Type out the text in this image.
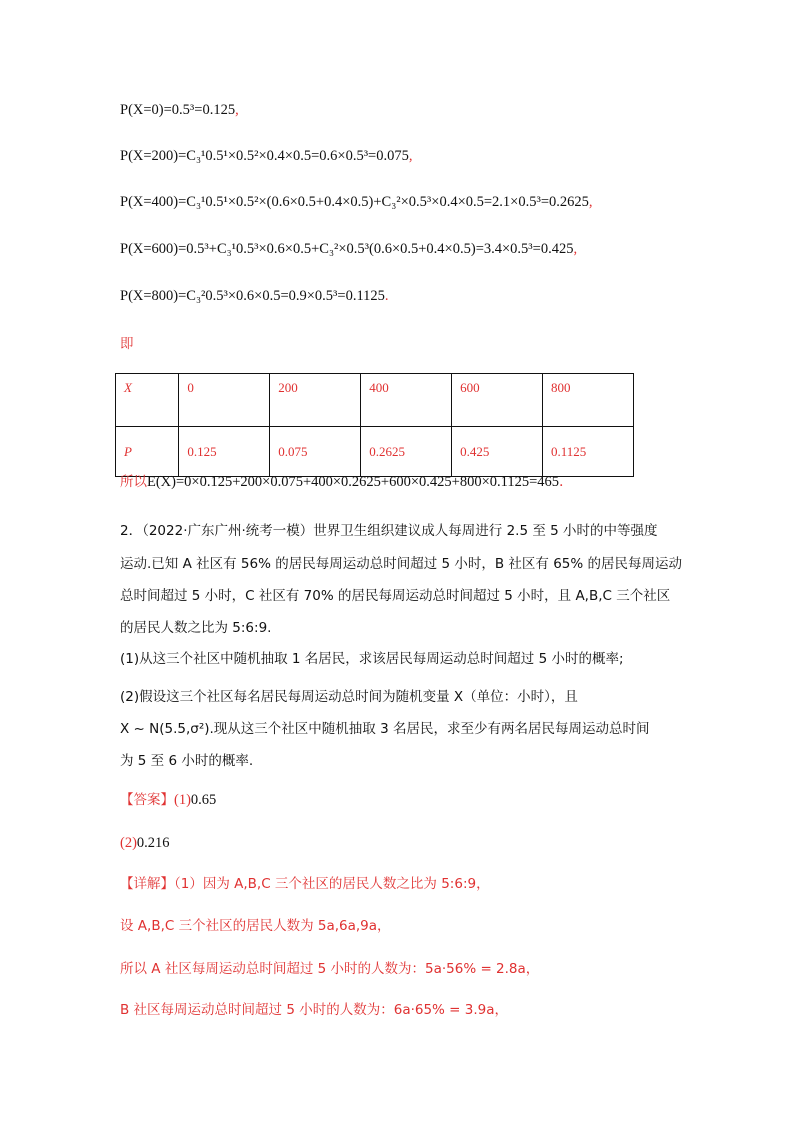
P(X=0)=0.5³=0.125,
P(X=200)=C₃¹0.5¹×0.5²×0.4×0.5=0.6×0.5³=0.075,
P(X=400)=C₃¹0.5¹×0.5²×(0.6×0.5+0.4×0.5)+C₃²×0.5³×0.4×0.5=2.1×0.5³=0.2625,
P(X=600)=0.5³+C₃¹0.5³×0.6×0.5+C₃²×0.5³(0.6×0.5+0.4×0.5)=3.4×0.5³=0.425,
P(X=800)=C₃²0.5³×0.6×0.5=0.9×0.5³=0.1125.
即
X	0	200	400	600	800
P	0.125	0.075	0.2625	0.425	0.1125
所以E(X)=0×0.125+200×0.075+400×0.2625+600×0.425+800×0.1125=465.
2．（2022·广东广州·统考一模）世界卫生组织建议成人每周进行 2.5 至 5 小时的中等强度
运动.已知 A 社区有 56% 的居民每周运动总时间超过 5 小时，B 社区有 65% 的居民每周运动
总时间超过 5 小时，C 社区有 70% 的居民每周运动总时间超过 5 小时，且 A,B,C 三个社区
的居民人数之比为 5:6:9.
(1)从这三个社区中随机抽取 1 名居民，求该居民每周运动总时间超过 5 小时的概率;
(2)假设这三个社区每名居民每周运动总时间为随机变量 X（单位：小时），且
X ~ N(5.5,σ²).现从这三个社区中随机抽取 3 名居民，求至少有两名居民每周运动总时间
为 5 至 6 小时的概率.
【答案】(1)0.65
(2)0.216
【详解】（1）因为 A,B,C 三个社区的居民人数之比为 5:6:9，
设 A,B,C 三个社区的居民人数为 5a,6a,9a，
所以 A 社区每周运动总时间超过 5 小时的人数为：5a·56% = 2.8a，
B 社区每周运动总时间超过 5 小时的人数为：6a·65% = 3.9a，
